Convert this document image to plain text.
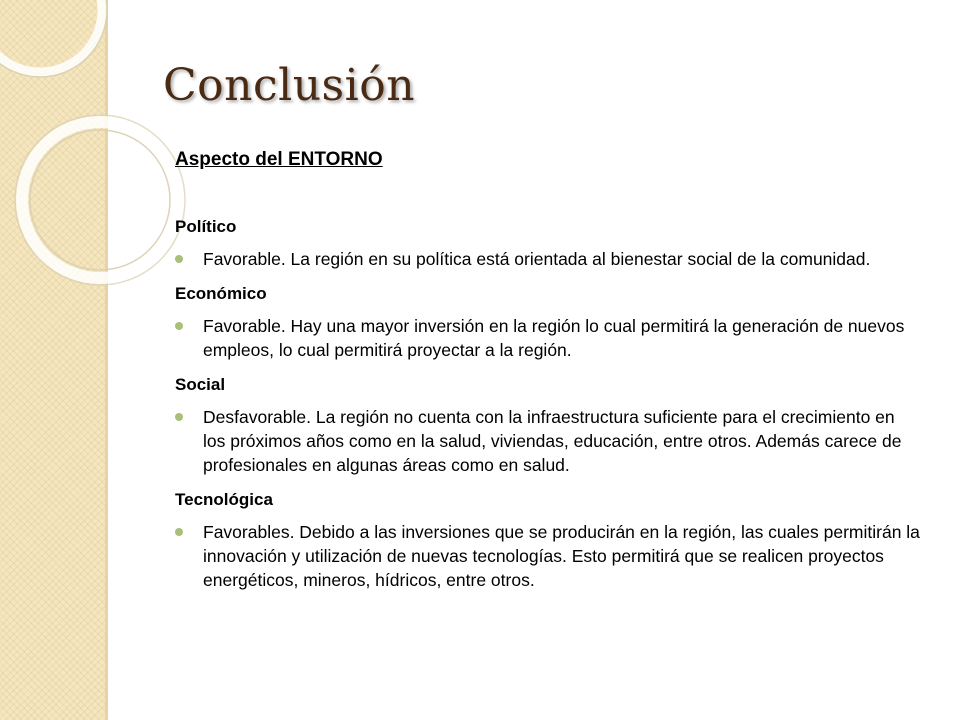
Conclusión

Aspecto del ENTORNO

Político

Favorable. La región en su política está orientada al bienestar social de la comunidad.

Económico

Favorable. Hay una mayor inversión en la región lo cual permitirá la generación de nuevos empleos, lo cual permitirá proyectar a la región.

Social

Desfavorable. La región no cuenta con la infraestructura suficiente para el crecimiento en los próximos años como en la salud, viviendas, educación, entre otros. Además carece de profesionales en algunas áreas como en salud.

Tecnológica

Favorables. Debido a las inversiones que se producirán en la región, las cuales permitirán la innovación y utilización de nuevas tecnologías. Esto permitirá que se realicen proyectos energéticos, mineros, hídricos, entre otros.
